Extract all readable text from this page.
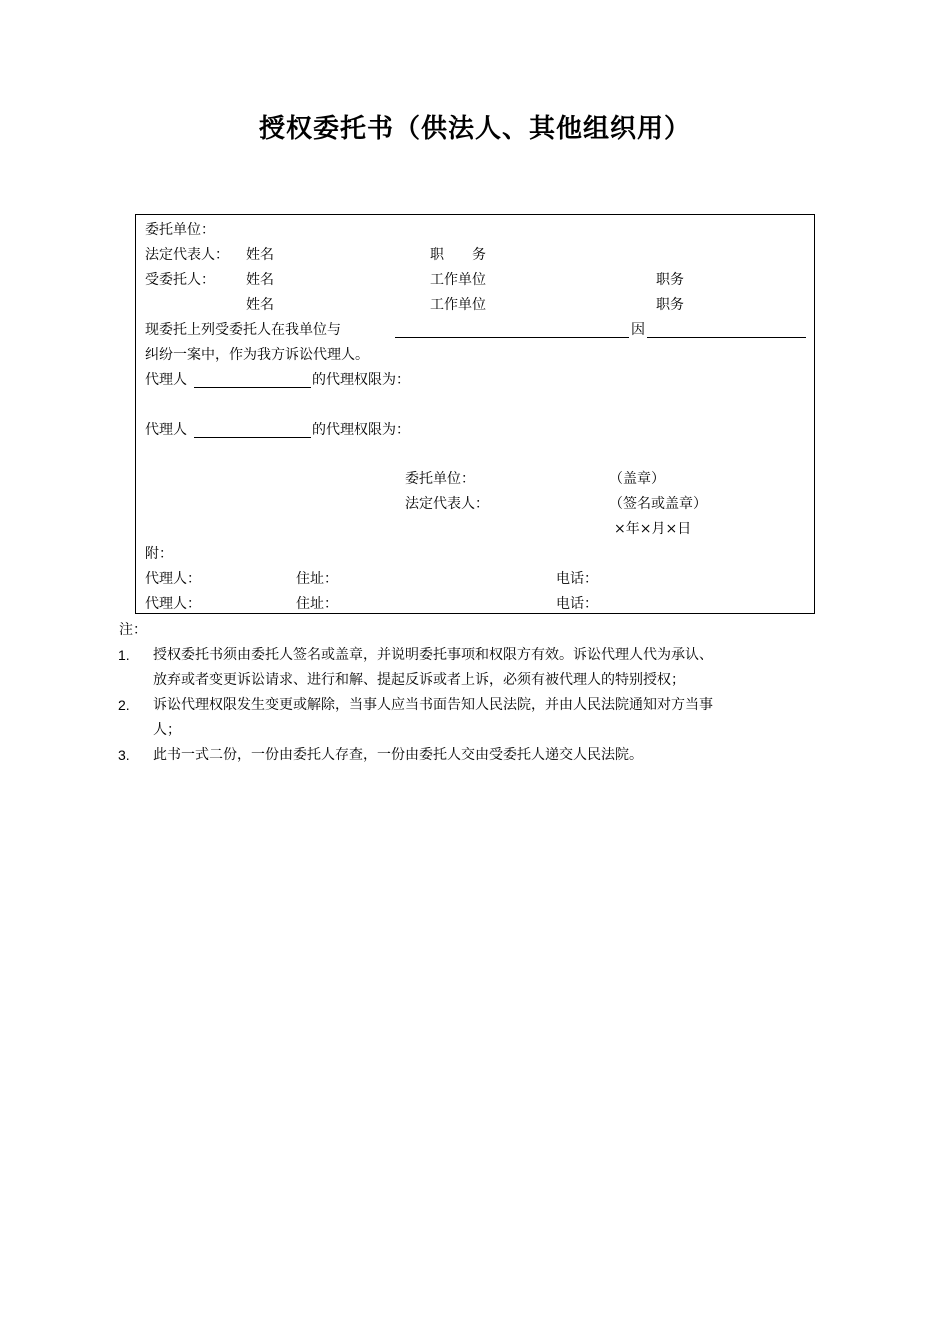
授权委托书（供法人、其他组织用）
委托单位：
法定代表人： 姓名	职　　务
受委托人： 姓名	工作单位	职务
姓名	工作单位	职务
现委托上列受委托人在我单位与	因
纠纷一案中，作为我方诉讼代理人。
代理人	的代理权限为：
代理人	的代理权限为：
委托单位：	（盖章）
法定代表人：	（签名或盖章）
×年×月×日
附：
代理人：	住址：	电话：
代理人：	住址：	电话：
注：
1. 授权委托书须由委托人签名或盖章，并说明委托事项和权限方有效。诉讼代理人代为承认、
放弃或者变更诉讼请求、进行和解、提起反诉或者上诉，必须有被代理人的特别授权；
2. 诉讼代理权限发生变更或解除，当事人应当书面告知人民法院，并由人民法院通知对方当事
人；
3. 此书一式二份，一份由委托人存查，一份由委托人交由受委托人递交人民法院。
